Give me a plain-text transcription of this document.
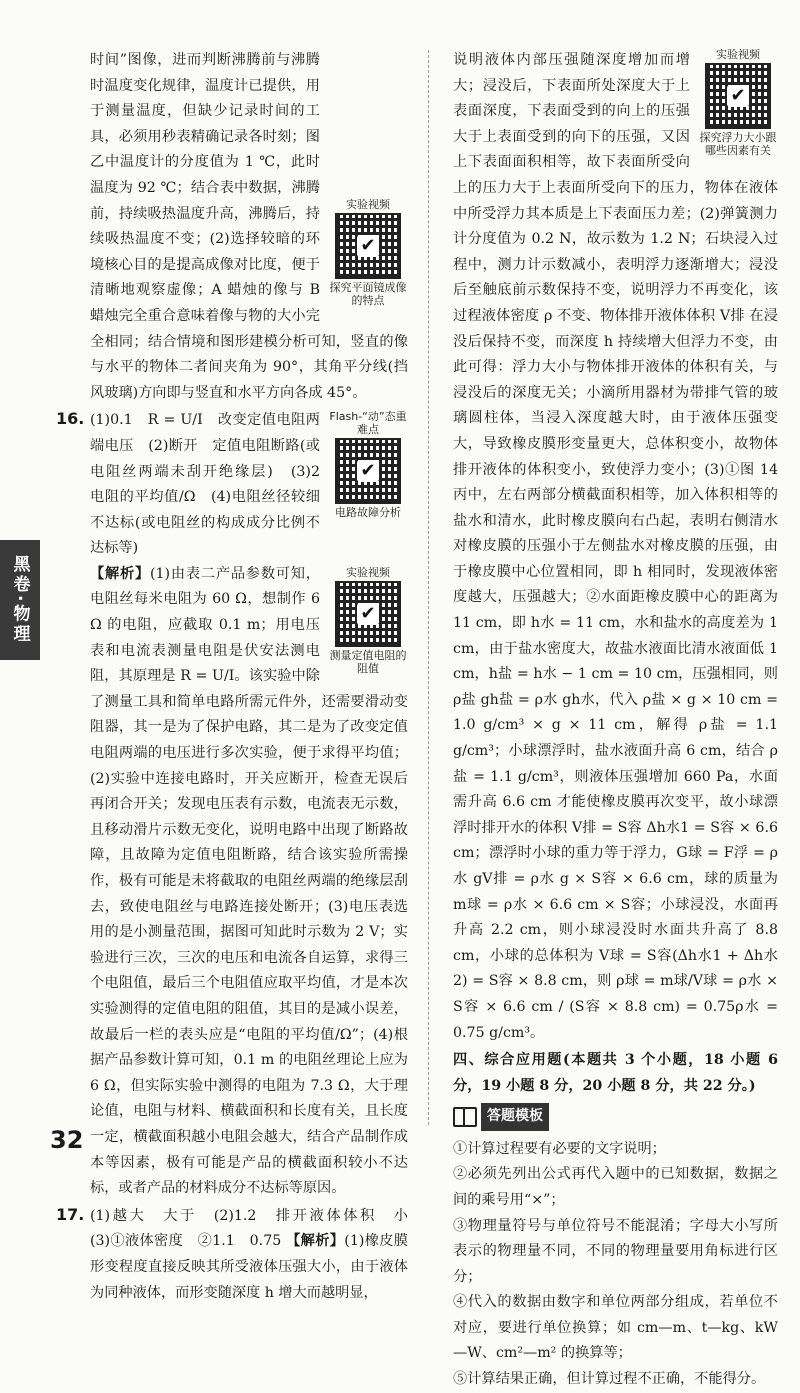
黑卷·物理
32
实验视频
✔
探究平面镜成像的特点

时间”图像，进而判断沸腾前与沸腾时温度变化规律，温度计已提供，用于测量温度，但缺少记录时间的工具，必须用秒表精确记录各时刻；图乙中温度计的分度值为 1 ℃，此时温度为 92 ℃；结合表中数据，沸腾前，持续吸热温度升高，沸腾后，持续吸热温度不变；(2)选择较暗的环境核心目的是提高成像对比度，便于清晰地观察虚像；A 蜡烛的像与 B 蜡烛完全重合意味着像与物的大小完全相同；结合情境和图形建模分析可知，竖直的像与水平的物体二者间夹角为 90°，其角平分线(挡风玻璃)方向即与竖直和水平方向各成 45°。

Flash-“动”态重难点
✔
电路故障分析

16. (1)0.1　R = U/I　改变定值电阻两端电压　(2)断开　定值电阻断路(或电阻丝两端未刮开绝缘层)　(3)2　电阻的平均值/Ω　(4)电阻丝径较细不达标(或电阻丝的构成成分比例不达标等)

实验视频
✔
测量定值电阻的阻值

【解析】(1)由表二产品参数可知，电阻丝每米电阻为 60 Ω，想制作 6 Ω 的电阻，应截取 0.1 m；用电压表和电流表测量电阻是伏安法测电阻，其原理是 R = U/I。该实验中除了测量工具和简单电路所需元件外，还需要滑动变阻器，其一是为了保护电路，其二是为了改变定值电阻两端的电压进行多次实验，便于求得平均值；(2)实验中连接电路时，开关应断开，检查无误后再闭合开关；发现电压表有示数，电流表无示数，且移动滑片示数无变化，说明电路中出现了断路故障，且故障为定值电阻断路，结合该实验所需操作，极有可能是未将截取的电阻丝两端的绝缘层刮去，致使电阻丝与电路连接处断开；(3)电压表选用的是小测量范围，据图可知此时示数为 2 V；实验进行三次，三次的电压和电流各自运算，求得三个电阻值，最后三个电阻值应取平均值，才是本次实验测得的定值电阻的阻值，其目的是减小误差，故最后一栏的表头应是“电阻的平均值/Ω”；(4)根据产品参数计算可知，0.1 m 的电阻丝理论上应为 6 Ω，但实际实验中测得的电阻为 7.3 Ω，大于理论值，电阻与材料、横截面积和长度有关，且长度一定，横截面积越小电阻会越大，结合产品制作成本等因素，极有可能是产品的横截面积较小不达标，或者产品的材料成分不达标等原因。

17. (1)越大　大于　(2)1.2　排开液体体积　小　(3)①液体密度　②1.1　0.75 【解析】(1)橡皮膜形变程度直接反映其所受液体压强大小，由于液体为同种液体，而形变随深度 h 增大而越明显，

实验视频
✔
探究浮力大小跟哪些因素有关

说明液体内部压强随深度增加而增大；浸没后，下表面所处深度大于上表面深度，下表面受到的向上的压强大于上表面受到的向下的压强，又因上下表面面积相等，故下表面所受向上的压力大于上表面所受向下的压力，物体在液体中所受浮力其本质是上下表面压力差；(2)弹簧测力计分度值为 0.2 N，故示数为 1.2 N；石块浸入过程中，测力计示数减小，表明浮力逐渐增大；浸没后至触底前示数保持不变，说明浮力不再变化，该过程液体密度 ρ 不变、物体排开液体体积 V排 在浸没后保持不变，而深度 h 持续增大但浮力不变，由此可得：浮力大小与物体排开液体的体积有关，与浸没后的深度无关；小滴所用器材为带排气管的玻璃圆柱体，当浸入深度越大时，由于液体压强变大，导致橡皮膜形变量更大，总体积变小，故物体排开液体的体积变小，致使浮力变小；(3)①图 14 丙中，左右两部分横截面积相等，加入体积相等的盐水和清水，此时橡皮膜向右凸起，表明右侧清水对橡皮膜的压强小于左侧盐水对橡皮膜的压强，由于橡皮膜中心位置相同，即 h 相同时，发现液体密度越大，压强越大；②水面距橡皮膜中心的距离为 11 cm，即 h水 = 11 cm，水和盐水的高度差为 1 cm，由于盐水密度大，故盐水液面比清水液面低 1 cm，h盐 = h水 − 1 cm = 10 cm，压强相同，则 ρ盐 gh盐 = ρ水 gh水，代入 ρ盐 × g × 10 cm = 1.0 g/cm³ × g × 11 cm，解得 ρ盐 = 1.1 g/cm³；小球漂浮时，盐水液面升高 6 cm，结合 ρ盐 = 1.1 g/cm³，则液体压强增加 660 Pa，水面需升高 6.6 cm 才能使橡皮膜再次变平，故小球漂浮时排开水的体积 V排 = S容 Δh水1 = S容 × 6.6 cm；漂浮时小球的重力等于浮力，G球 = F浮 = ρ水 gV排 = ρ水 g × S容 × 6.6 cm，球的质量为 m球 = ρ水 × 6.6 cm × S容；小球浸没，水面再升高 2.2 cm，则小球浸没时水面共升高了 8.8 cm，小球的总体积为 V球 = S容(Δh水1 + Δh水2) = S容 × 8.8 cm，则 ρ球 = m球/V球 = ρ水 × S容 × 6.6 cm / (S容 × 8.8 cm) = 0.75ρ水 = 0.75 g/cm³。

四、综合应用题(本题共 3 个小题，18 小题 6 分，19 小题 8 分，20 小题 8 分，共 22 分。)

答题模板

①计算过程要有必要的文字说明；

②必须先列出公式再代入题中的已知数据，数据之间的乘号用“×”；

③物理量符号与单位符号不能混淆；字母大小写所表示的物理量不同，不同的物理量要用角标进行区分；

④代入的数据由数字和单位两部分组成，若单位不对应，要进行单位换算；如 cm—m、t—kg、kW—W、cm²—m² 的换算等；

⑤计算结果正确，但计算过程不正确，不能得分。
